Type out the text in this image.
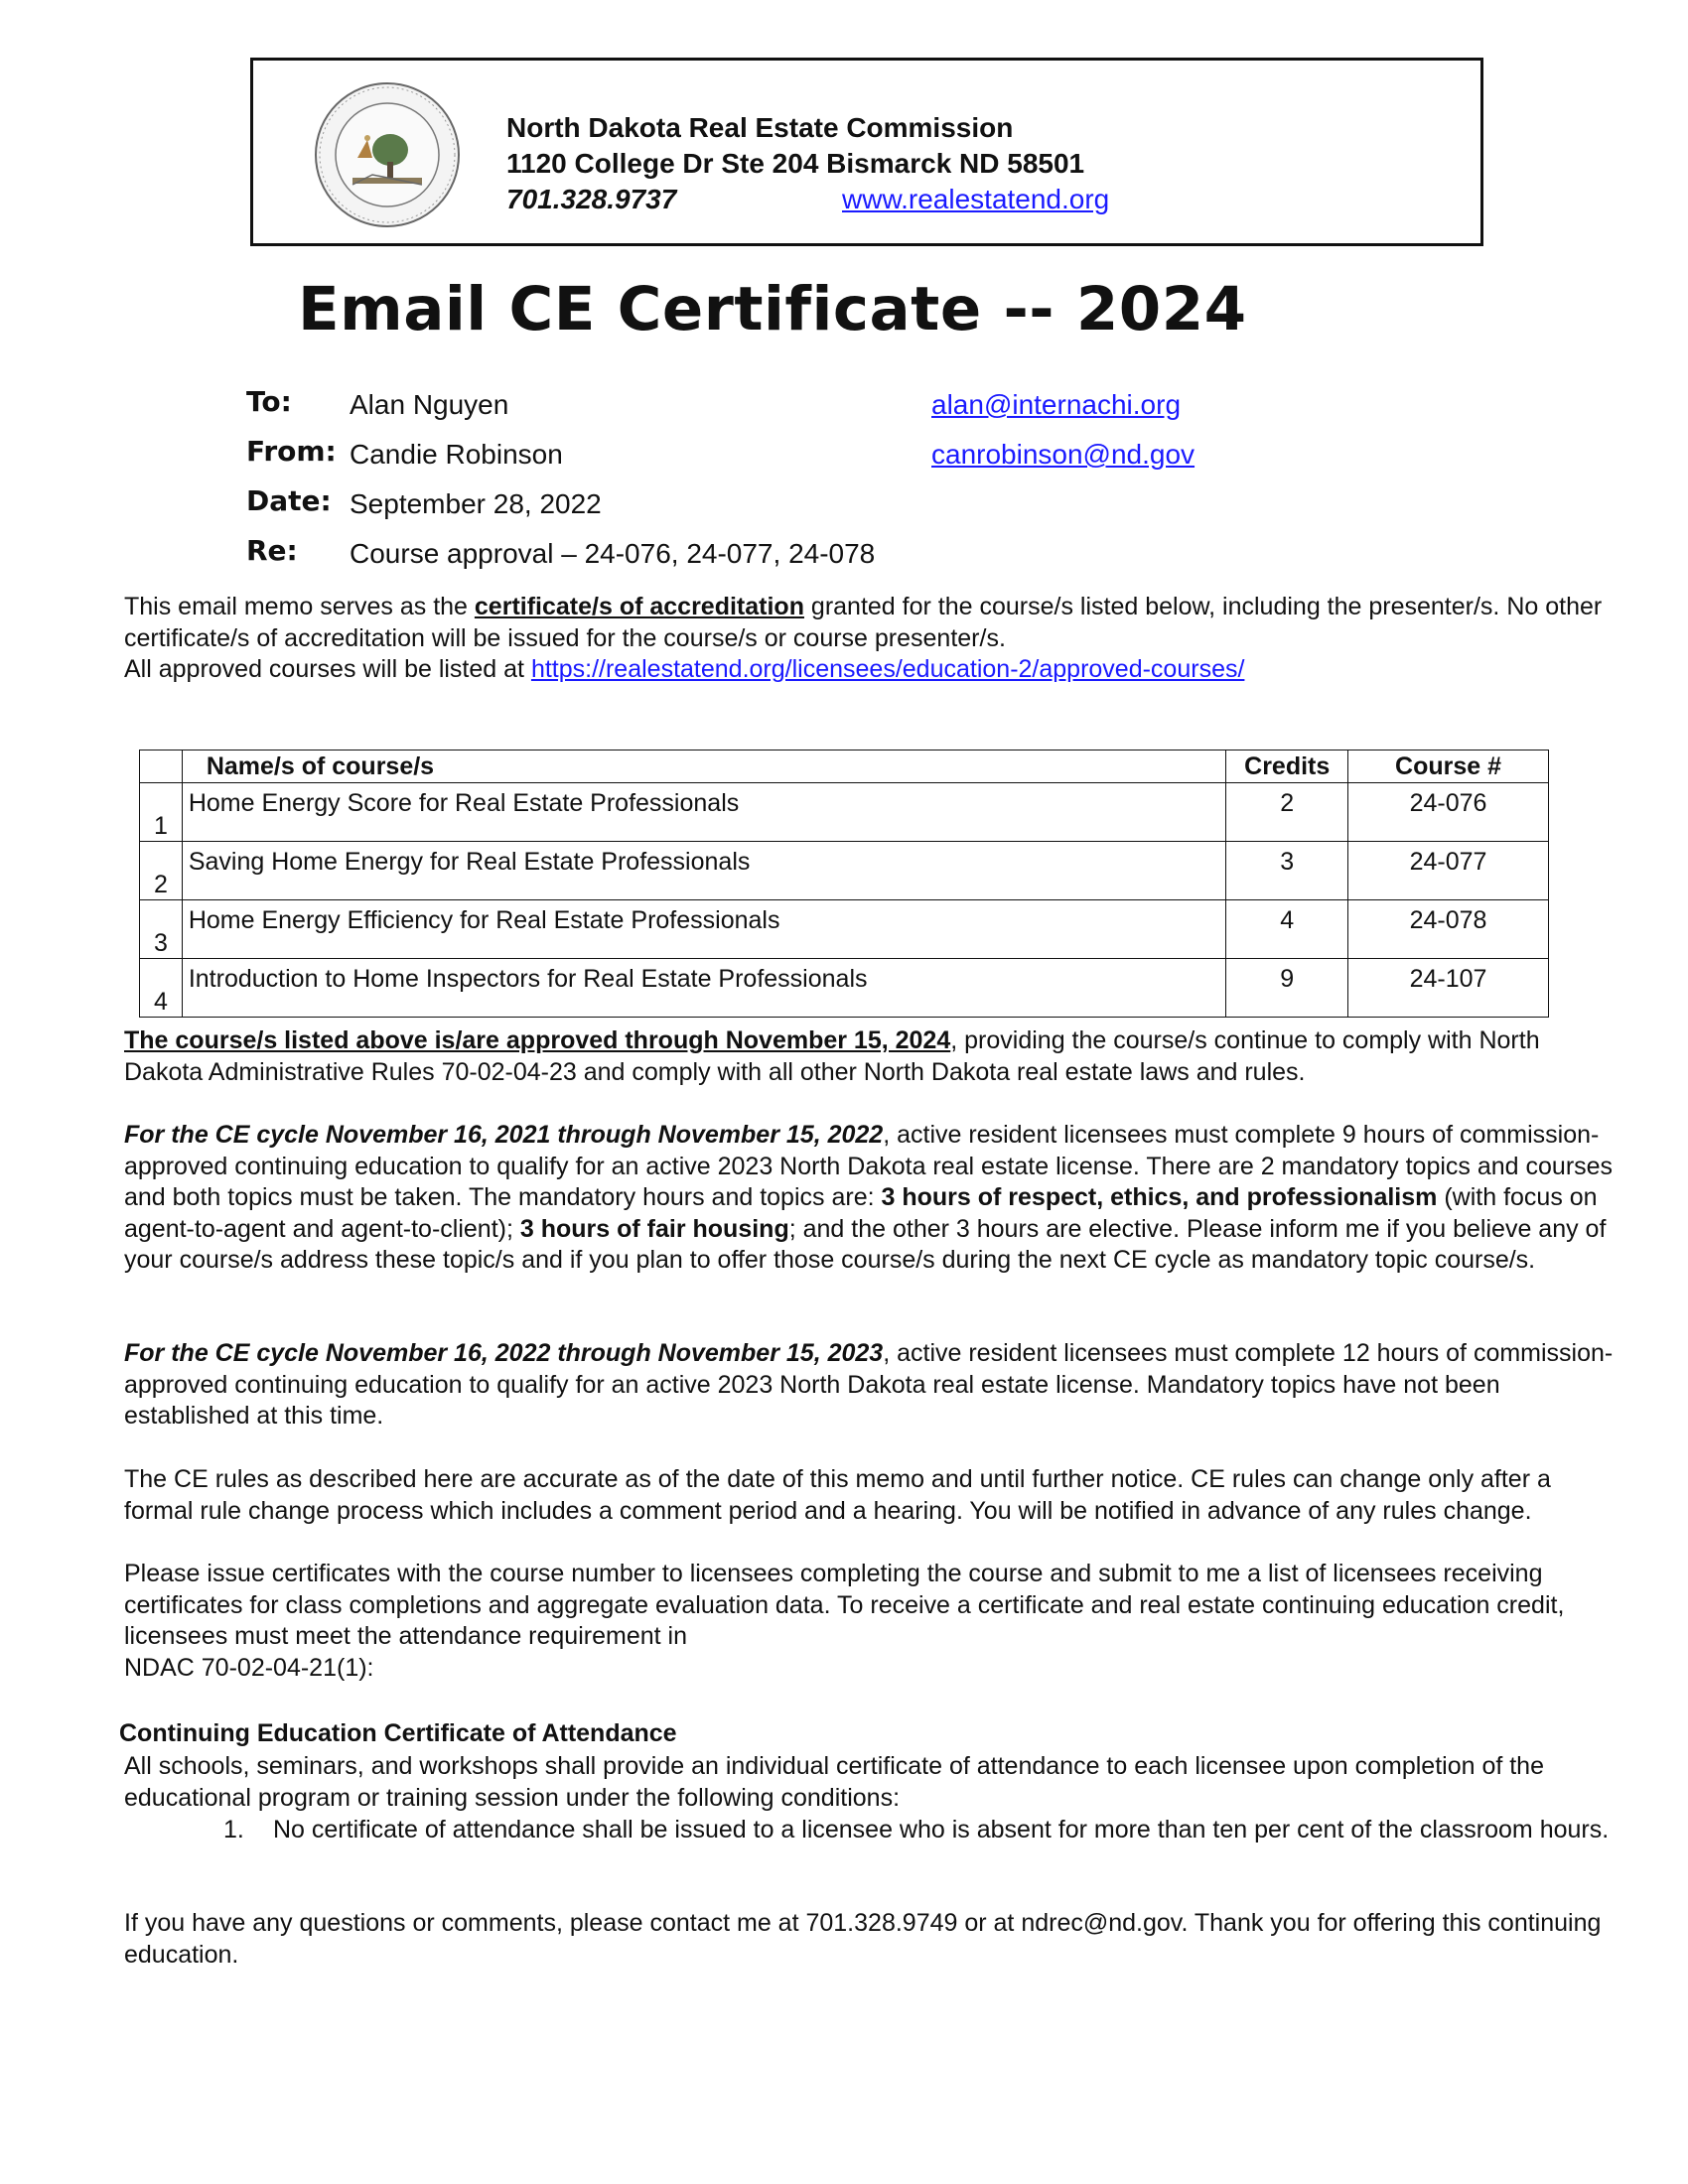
North Dakota Real Estate Commission
1120 College Dr Ste 204 Bismarck ND 58501
701.328.9737	www.realestatend.org
Email CE Certificate -- 2024
To: Alan Nguyen	alan@internachi.org
From: Candie Robinson	canrobinson@nd.gov
Date: September 28, 2022
Re: Course approval – 24-076, 24-077, 24-078
This email memo serves as the certificate/s of accreditation granted for the course/s listed below, including the presenter/s. No other certificate/s of accreditation will be issued for the course/s or course presenter/s.
All approved courses will be listed at https://realestatend.org/licensees/education-2/approved-courses/
	Name/s of course/s	Credits	Course #
1	Home Energy Score for Real Estate Professionals	2	24-076
2	Saving Home Energy for Real Estate Professionals	3	24-077
3	Home Energy Efficiency for Real Estate Professionals	4	24-078
4	Introduction to Home Inspectors for Real Estate Professionals	9	24-107
The course/s listed above is/are approved through November 15, 2024, providing the course/s continue to comply with North Dakota Administrative Rules 70-02-04-23 and comply with all other North Dakota real estate laws and rules.
For the CE cycle November 16, 2021 through November 15, 2022, active resident licensees must complete 9 hours of commission-approved continuing education to qualify for an active 2023 North Dakota real estate license. There are 2 mandatory topics and courses and both topics must be taken. The mandatory hours and topics are: 3 hours of respect, ethics, and professionalism (with focus on agent-to-agent and agent-to-client); 3 hours of fair housing; and the other 3 hours are elective. Please inform me if you believe any of your course/s address these topic/s and if you plan to offer those course/s during the next CE cycle as mandatory topic course/s.
For the CE cycle November 16, 2022 through November 15, 2023, active resident licensees must complete 12 hours of commission-approved continuing education to qualify for an active 2023 North Dakota real estate license. Mandatory topics have not been established at this time.
The CE rules as described here are accurate as of the date of this memo and until further notice. CE rules can change only after a formal rule change process which includes a comment period and a hearing. You will be notified in advance of any rules change.
Please issue certificates with the course number to licensees completing the course and submit to me a list of licensees receiving certificates for class completions and aggregate evaluation data. To receive a certificate and real estate continuing education credit, licensees must meet the attendance requirement in
NDAC 70-02-04-21(1):
Continuing Education Certificate of Attendance
All schools, seminars, and workshops shall provide an individual certificate of attendance to each licensee upon completion of the educational program or training session under the following conditions:
1. No certificate of attendance shall be issued to a licensee who is absent for more than ten per cent of the classroom hours.
If you have any questions or comments, please contact me at 701.328.9749 or at ndrec@nd.gov. Thank you for offering this continuing education.
